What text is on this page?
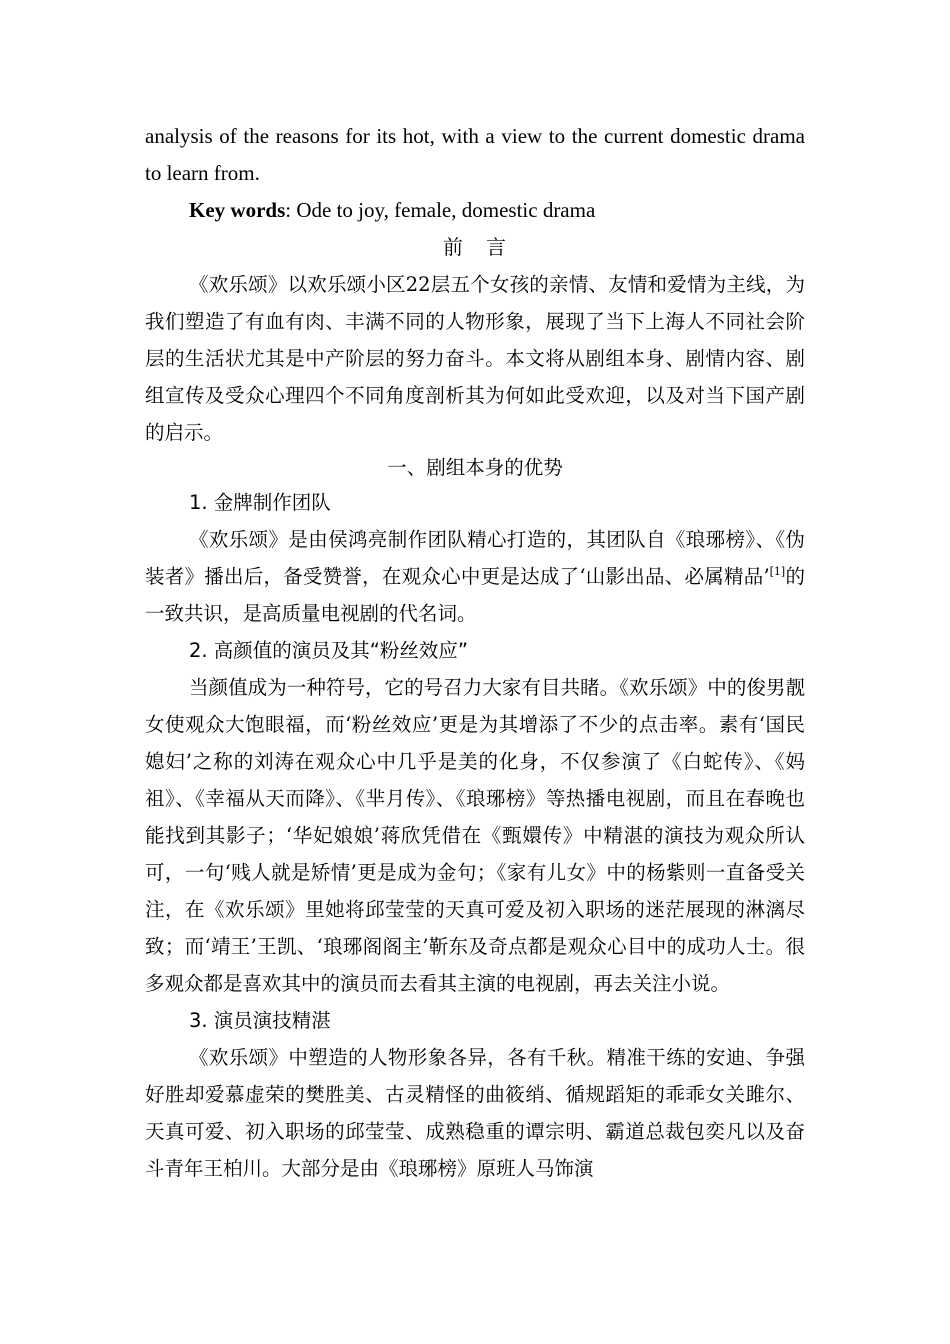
analysis of the reasons for its hot, with a view to the current domestic drama to learn from.

Key words: Ode to joy, female, domestic drama

前 言

《欢乐颂》以欢乐颂小区22层五个女孩的亲情、友情和爱情为主线，为我们塑造了有血有肉、丰满不同的人物形象，展现了当下上海人不同社会阶层的生活状尤其是中产阶层的努力奋斗。本文将从剧组本身、剧情内容、剧组宣传及受众心理四个不同角度剖析其为何如此受欢迎，以及对当下国产剧的启示。

一、剧组本身的优势

1. 金牌制作团队

《欢乐颂》是由侯鸿亮制作团队精心打造的，其团队自《琅琊榜》、《伪装者》播出后，备受赞誉，在观众心中更是达成了‘山影出品、必属精品’[1]的一致共识，是高质量电视剧的代名词。

2. 高颜值的演员及其“粉丝效应”

当颜值成为一种符号，它的号召力大家有目共睹。《欢乐颂》中的俊男靓女使观众大饱眼福，而‘粉丝效应’更是为其增添了不少的点击率。素有‘国民媳妇’之称的刘涛在观众心中几乎是美的化身，不仅参演了《白蛇传》、《妈祖》、《幸福从天而降》、《芈月传》、《琅琊榜》等热播电视剧，而且在春晚也能找到其影子；‘华妃娘娘’蒋欣凭借在《甄嬛传》中精湛的演技为观众所认可，一句‘贱人就是矫情’更是成为金句；《家有儿女》中的杨紫则一直备受关注，在《欢乐颂》里她将邱莹莹的天真可爱及初入职场的迷茫展现的淋漓尽致；而‘靖王’王凯、‘琅琊阁阁主’靳东及奇点都是观众心目中的成功人士。很多观众都是喜欢其中的演员而去看其主演的电视剧，再去关注小说。

3. 演员演技精湛

《欢乐颂》中塑造的人物形象各异，各有千秋。精准干练的安迪、争强好胜却爱慕虚荣的樊胜美、古灵精怪的曲筱绡、循规蹈矩的乖乖女关雎尔、天真可爱、初入职场的邱莹莹、成熟稳重的谭宗明、霸道总裁包奕凡以及奋斗青年王柏川。大部分是由《琅琊榜》原班人马饰演
